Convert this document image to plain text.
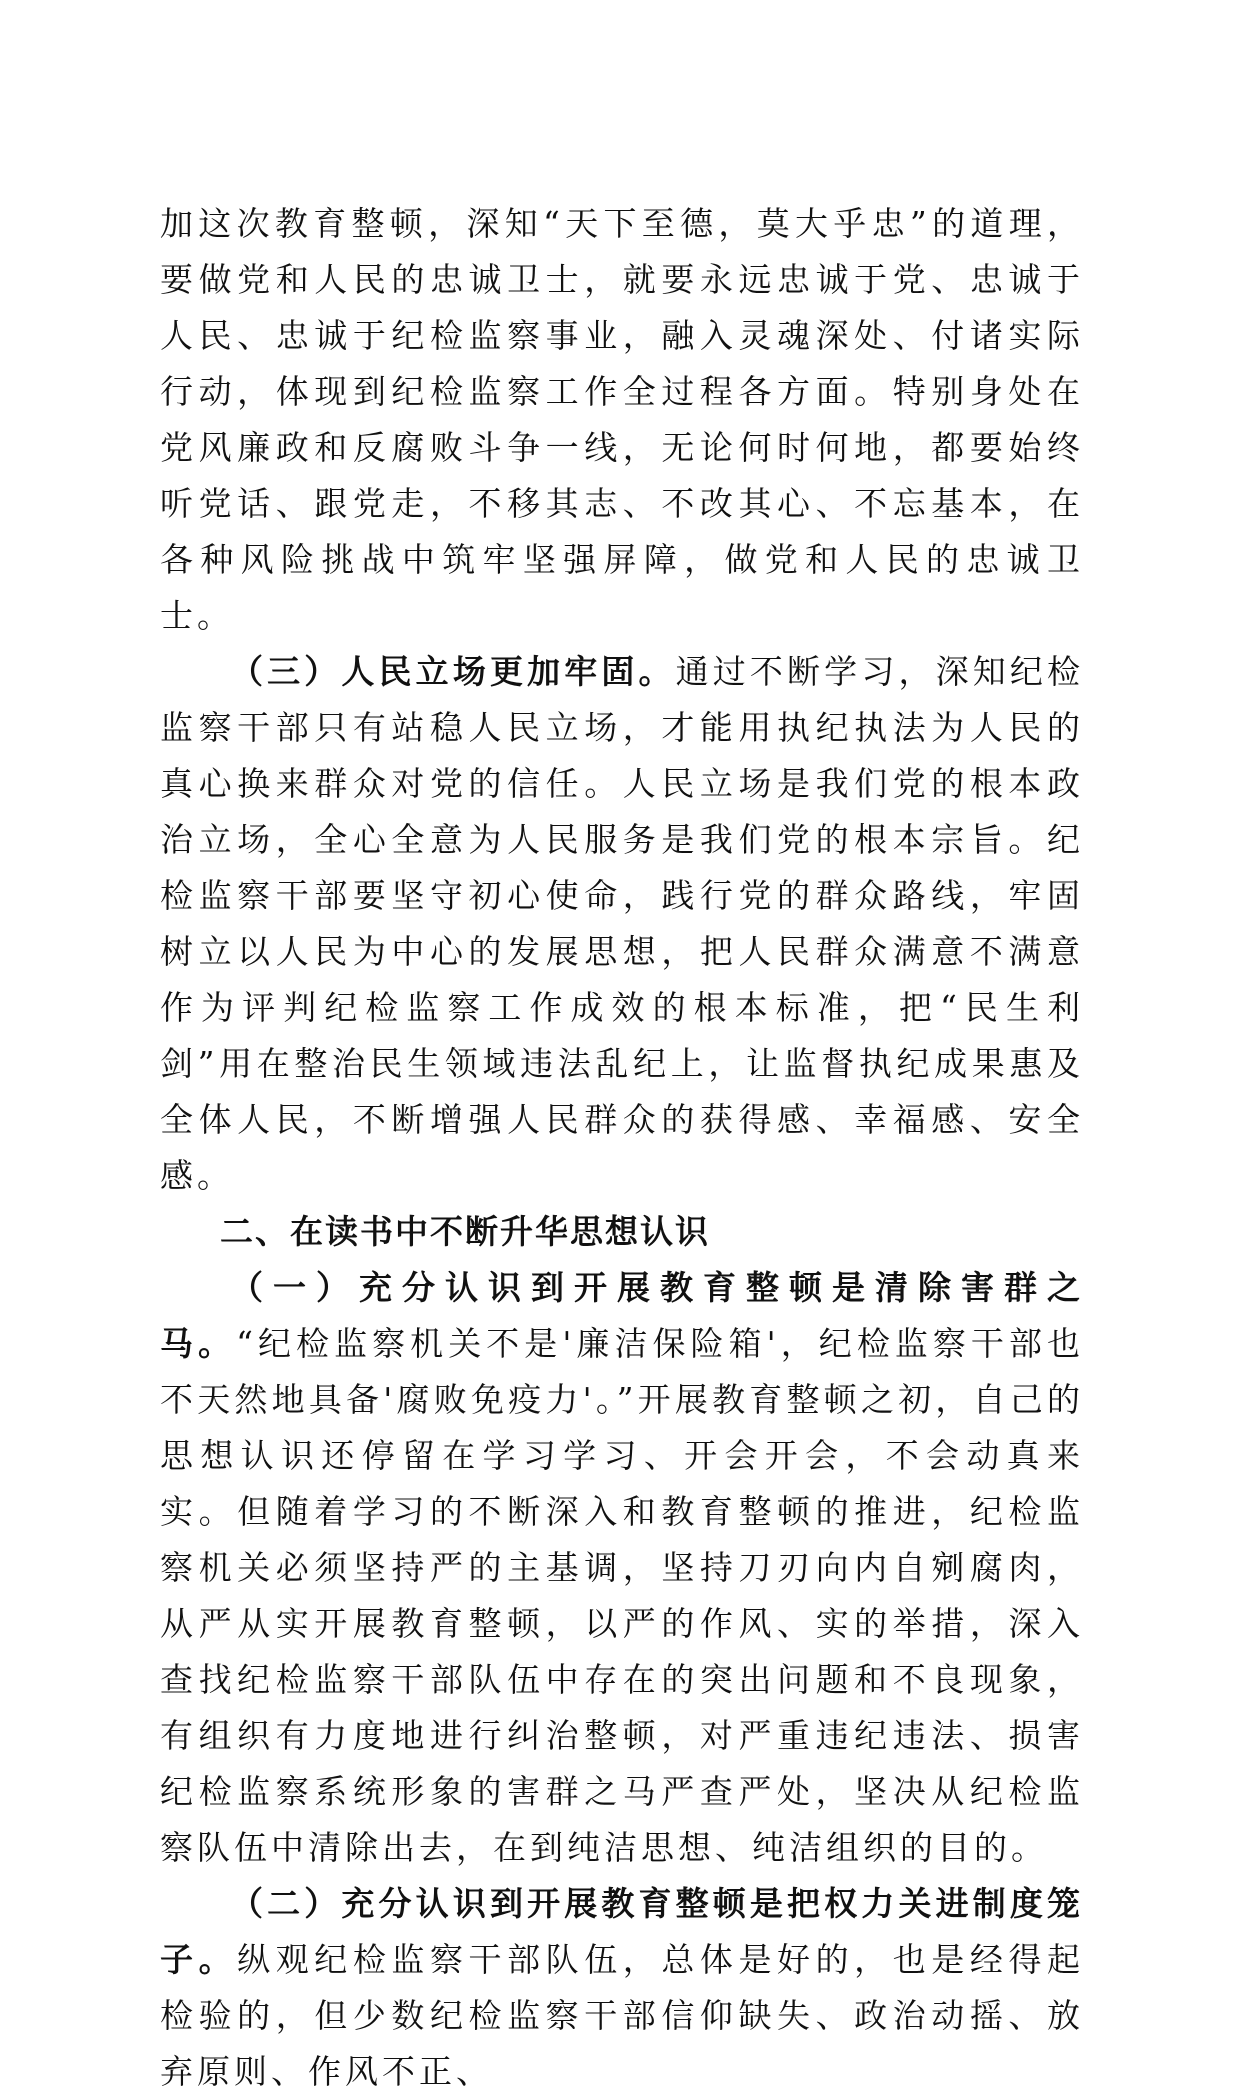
加这次教育整顿，深知“天下至德，莫大乎忠”的道理，要做党和人民的忠诚卫士，就要永远忠诚于党、忠诚于人民、忠诚于纪检监察事业，融入灵魂深处、付诸实际行动，体现到纪检监察工作全过程各方面。特别身处在党风廉政和反腐败斗争一线，无论何时何地，都要始终听党话、跟党走，不移其志、不改其心、不忘基本，在各种风险挑战中筑牢坚强屏障，做党和人民的忠诚卫士。

（三）人民立场更加牢固。通过不断学习，深知纪检监察干部只有站稳人民立场，才能用执纪执法为人民的真心换来群众对党的信任。人民立场是我们党的根本政治立场，全心全意为人民服务是我们党的根本宗旨。纪检监察干部要坚守初心使命，践行党的群众路线，牢固树立以人民为中心的发展思想，把人民群众满意不满意作为评判纪检监察工作成效的根本标准，把“民生利剑”用在整治民生领域违法乱纪上，让监督执纪成果惠及全体人民，不断增强人民群众的获得感、幸福感、安全感。

二、在读书中不断升华思想认识

（一）充分认识到开展教育整顿是清除害群之马。“纪检监察机关不是'廉洁保险箱'，纪检监察干部也不天然地具备'腐败免疫力'。”开展教育整顿之初，自己的思想认识还停留在学习学习、开会开会，不会动真来实。但随着学习的不断深入和教育整顿的推进，纪检监察机关必须坚持严的主基调，坚持刀刃向内自剜腐肉，从严从实开展教育整顿，以严的作风、实的举措，深入查找纪检监察干部队伍中存在的突出问题和不良现象，有组织有力度地进行纠治整顿，对严重违纪违法、损害纪检监察系统形象的害群之马严查严处，坚决从纪检监察队伍中清除出去，在到纯洁思想、纯洁组织的目的。

（二）充分认识到开展教育整顿是把权力关进制度笼子。纵观纪检监察干部队伍，总体是好的，也是经得起检验的，但少数纪检监察干部信仰缺失、政治动摇、放弃原则、作风不正、
